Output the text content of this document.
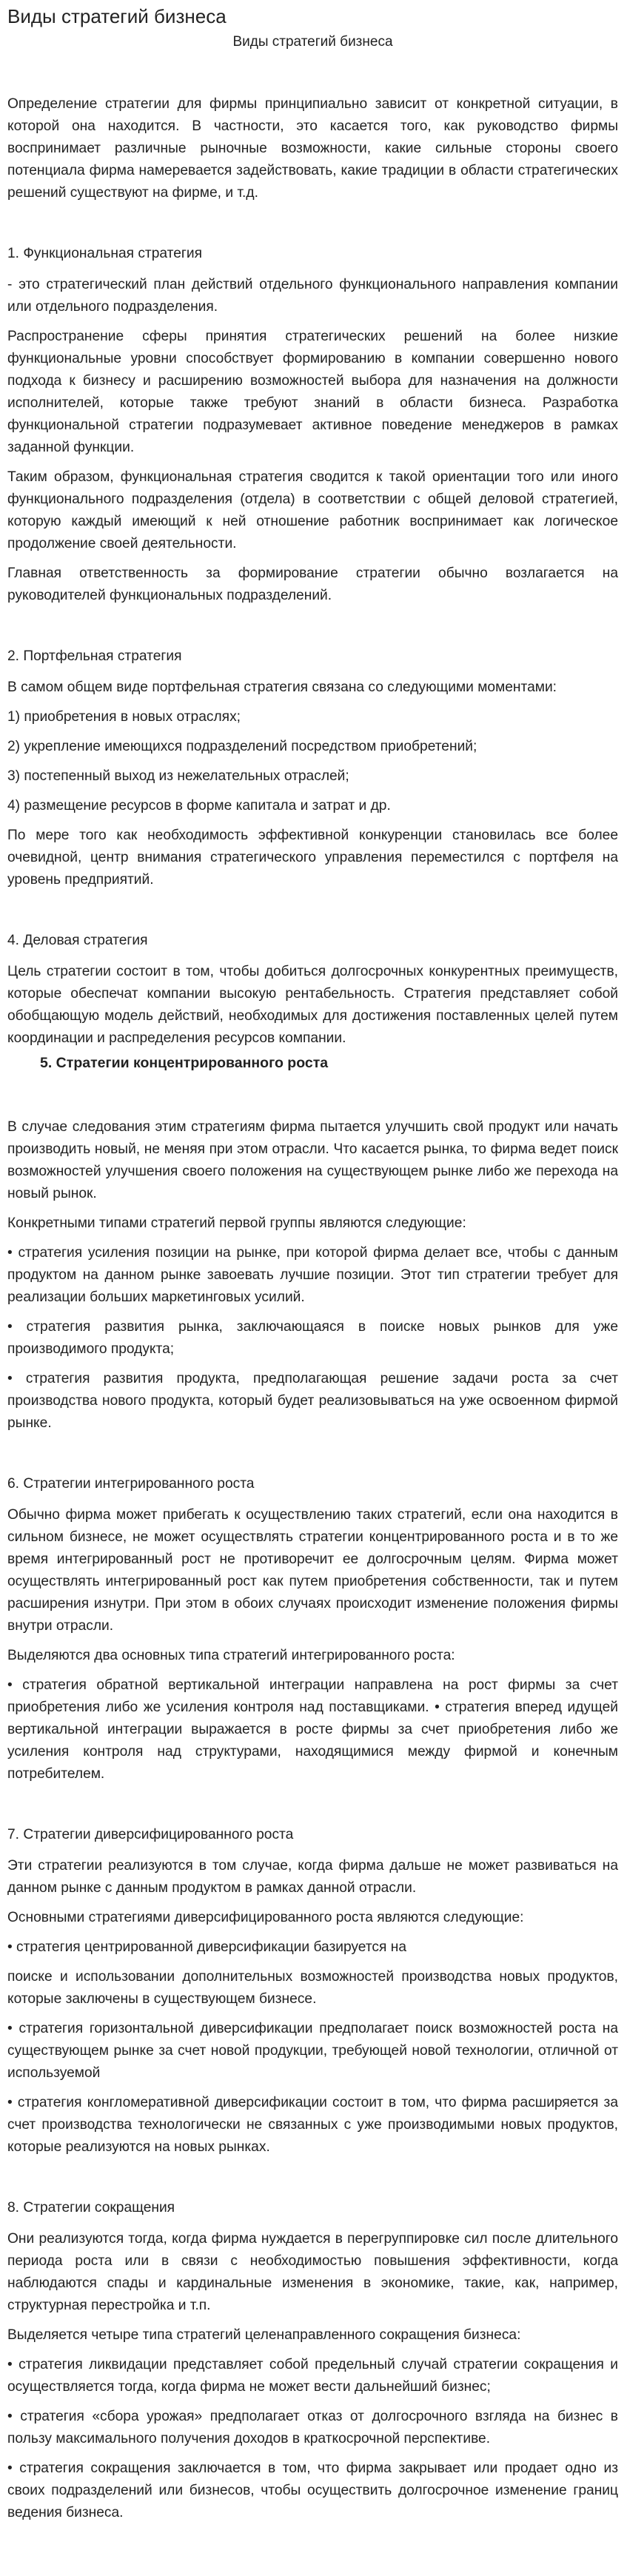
Виды стратегий бизнеса
Виды стратегий бизнеса

Определение стратегии для фирмы принципиально зависит от конкретной ситуации, в которой она находится. В частности, это касается того, как руководство фирмы воспринимает различные рыночные возможности, какие сильные стороны своего потенциала фирма намеревается задействовать, какие традиции в области стратегических решений существуют на фирме, и т.д.

1. Функциональная стратегия

- это стратегический план действий отдельного функционального направления компании или отдельного подразделения.

Распространение сферы принятия стратегических решений на более низкие функциональные уровни способствует формированию в компании совершенно нового подхода к бизнесу и расширению возможностей выбора для назначения на должности исполнителей, которые также требуют знаний в области бизнеса. Разработка функциональной стратегии подразумевает активное поведение менеджеров в рамках заданной функции.

Таким образом, функциональная стратегия сводится к такой ориентации того или иного функционального подразделения (отдела) в соответствии с общей деловой стратегией, которую каждый имеющий к ней отношение работник воспринимает как логическое продолжение своей деятельности.

Главная ответственность за формирование стратегии обычно возлагается на руководителей функциональных подразделений.

2. Портфельная стратегия

В самом общем виде портфельная стратегия связана со следующими моментами:

1) приобретения в новых отраслях;

2) укрепление имеющихся подразделений посредством приобретений;

3) постепенный выход из нежелательных отраслей;

4) размещение ресурсов в форме капитала и затрат и др.

По мере того как необходимость эффективной конкуренции становилась все более очевидной, центр внимания стратегического управления переместился с портфеля на уровень предприятий.

4. Деловая стратегия

Цель стратегии состоит в том, чтобы добиться долгосрочных конкурентных преимуществ, которые обеспечат компании высокую рентабельность. Стратегия представляет собой обобщающую модель действий, необходимых для достижения поставленных целей путем координации и распределения ресурсов компании.

5. Стратегии концентрированного роста

В случае следования этим стратегиям фирма пытается улучшить свой продукт или начать производить новый, не меняя при этом отрасли. Что касается рынка, то фирма ведет поиск возможностей улучшения своего положения на существующем рынке либо же перехода на новый рынок.

Конкретными типами стратегий первой группы являются следующие:

• стратегия усиления позиции на рынке, при которой фирма делает все, чтобы с данным продуктом на данном рынке завоевать лучшие позиции. Этот тип стратегии требует для реализации больших маркетинговых усилий.

• стратегия развития рынка, заключающаяся в поиске новых рынков для уже производимого продукта;

• стратегия развития продукта, предполагающая решение задачи роста за счет производства нового продукта, который будет реализовываться на уже освоенном фирмой рынке.

6. Стратегии интегрированного роста

Обычно фирма может прибегать к осуществлению таких стратегий, если она находится в сильном бизнесе, не может осуществлять стратегии концентрированного роста и в то же время интегрированный рост не противоречит ее долгосрочным целям. Фирма может осуществлять интегрированный рост как путем приобретения собственности, так и путем расширения изнутри. При этом в обоих случаях происходит изменение положения фирмы внутри отрасли.

Выделяются два основных типа стратегий интегрированного роста:

• стратегия обратной вертикальной интеграции направлена на рост фирмы за счет приобретения либо же усиления контроля над поставщиками. • стратегия вперед идущей вертикальной интеграции выражается в росте фирмы за счет приобретения либо же усиления контроля над структурами, находящимися между фирмой и конечным потребителем.

7. Стратегии диверсифицированного роста

Эти стратегии реализуются в том случае, когда фирма дальше не может развиваться на данном рынке с данным продуктом в рамках данной отрасли.

Основными стратегиями диверсифицированного роста являются следующие:

• стратегия центрированной диверсификации базируется на

поиске и использовании дополнительных возможностей производства новых продуктов, которые заключены в существующем бизнесе.

• стратегия горизонтальной диверсификации предполагает поиск возможностей роста на существующем рынке за счет новой продукции, требующей новой технологии, отличной от используемой

• стратегия конгломеративной диверсификации состоит в том, что фирма расширяется за счет производства технологически не связанных с уже производимыми новых продуктов, которые реализуются на новых рынках.

8. Стратегии сокращения

Они реализуются тогда, когда фирма нуждается в перегруппировке сил после длительного периода роста или в связи с необходимостью повышения эффективности, когда наблюдаются спады и кардинальные изменения в экономике, такие, как, например, структурная перестройка и т.п.

Выделяется четыре типа стратегий целенаправленного сокращения бизнеса:

• стратегия ликвидации представляет собой предельный случай стратегии сокращения и осуществляется тогда, когда фирма не может вести дальнейший бизнес;

• стратегия «сбора урожая» предполагает отказ от долгосрочного взгляда на бизнес в пользу максимального получения доходов в краткосрочной перспективе.

• стратегия сокращения заключается в том, что фирма закрывает или продает одно из своих подразделений или бизнесов, чтобы осуществить долгосрочное изменение границ ведения бизнеса.
